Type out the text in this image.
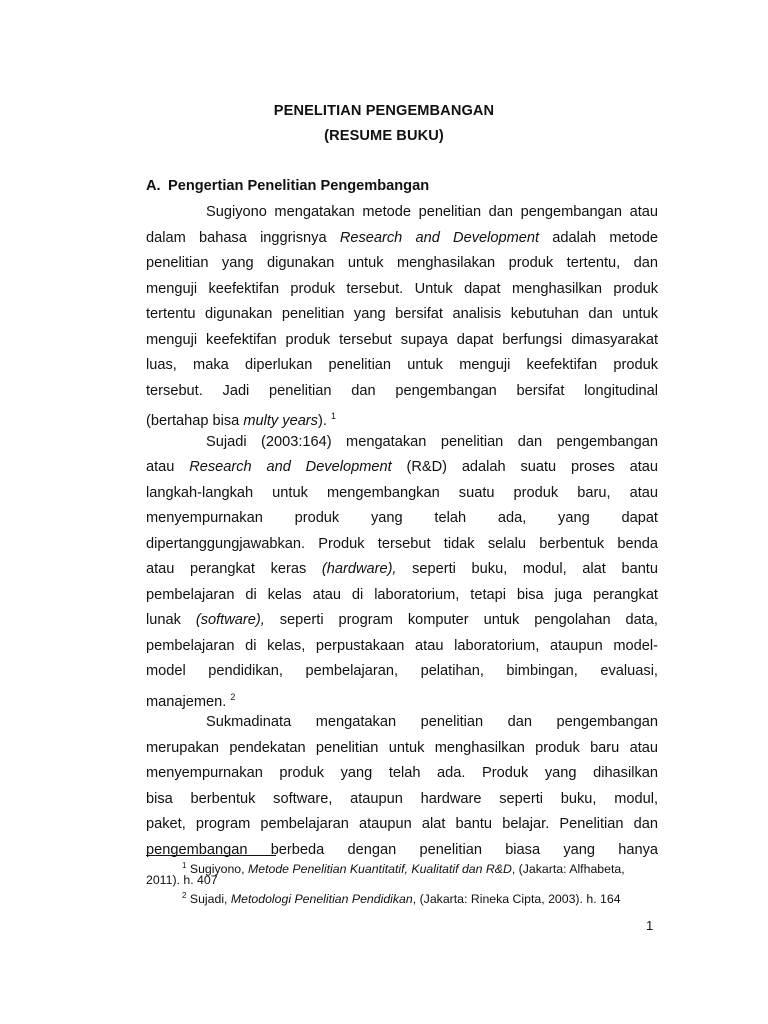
PENELITIAN PENGEMBANGAN
(RESUME BUKU)
A. Pengertian Penelitian Pengembangan
Sugiyono mengatakan metode penelitian dan pengembangan atau
dalam bahasa inggrisnya Research and Development adalah metode
penelitian yang digunakan untuk menghasilakan produk tertentu, dan
menguji keefektifan produk tersebut. Untuk dapat menghasilkan produk
tertentu digunakan penelitian yang bersifat analisis kebutuhan dan untuk
menguji keefektifan produk tersebut supaya dapat berfungsi dimasyarakat
luas, maka diperlukan penelitian untuk menguji keefektifan produk
tersebut. Jadi penelitian dan pengembangan bersifat longitudinal
(bertahap bisa multy years). $^1$
Sujadi (2003:164) mengatakan penelitian dan pengembangan
atau Research and Development (R&D) adalah suatu proses atau
langkah-langkah untuk mengembangkan suatu produk baru, atau
menyempurnakan produk yang telah ada, yang dapat
dipertanggungjawabkan. Produk tersebut tidak selalu berbentuk benda
atau perangkat keras (hardware), seperti buku, modul, alat bantu
pembelajaran di kelas atau di laboratorium, tetapi bisa juga perangkat
lunak (software), seperti program komputer untuk pengolahan data,
pembelajaran di kelas, perpustakaan atau laboratorium, ataupun model-
model pendidikan, pembelajaran, pelatihan, bimbingan, evaluasi,
manajemen. $^2$
Sukmadinata mengatakan penelitian dan pengembangan
merupakan pendekatan penelitian untuk menghasilkan produk baru atau
menyempurnakan produk yang telah ada. Produk yang dihasilkan
bisa berbentuk software, ataupun hardware seperti buku, modul,
paket, program pembelajaran ataupun alat bantu belajar. Penelitian dan
pengembangan berbeda dengan penelitian biasa yang hanya
$^1$ Sugiyono, Metode Penelitian Kuantitatif, Kualitatif dan R&D, (Jakarta: Alfhabeta,
2011). h. 407
$^2$ Sujadi, Metodologi Penelitian Pendidikan, (Jakarta: Rineka Cipta, 2003). h. 164
1
